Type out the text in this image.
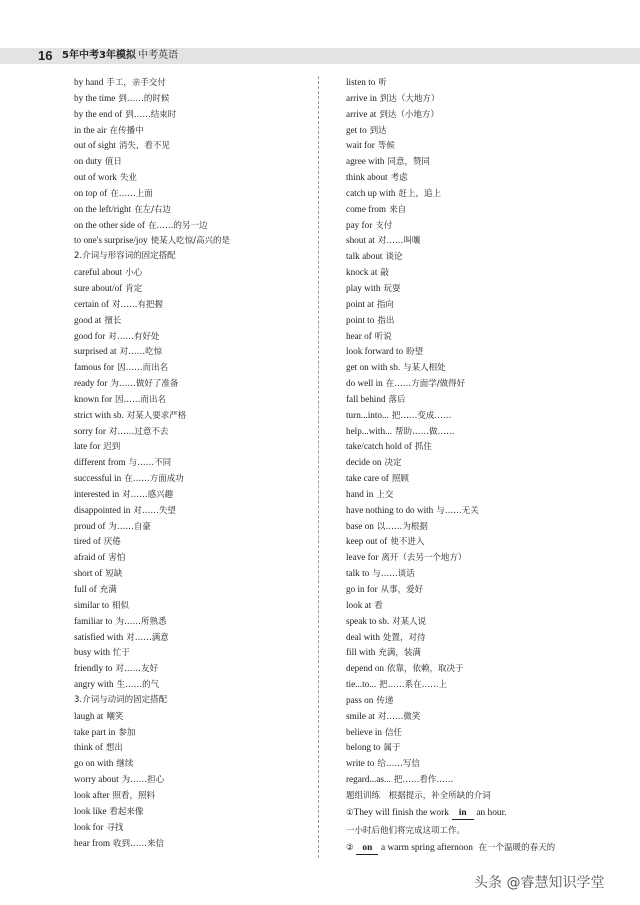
16 5年中考3年模拟 中考英语
by hand 手工，亲手交付
by the time 到……的时候
by the end of 到……结束时
in the air 在传播中
out of sight 消失，看不见
on duty 值日
out of work 失业
on top of 在……上面
on the left/right 在左/右边
on the other side of 在……的另一边
to one's surprise/joy 使某人吃惊/高兴的是
2.介词与形容词的固定搭配
careful about 小心
sure about/of 肯定
certain of 对……有把握
good at 擅长
good for 对……有好处
surprised at 对……吃惊
famous for 因……而出名
ready for 为……做好了准备
known for 因……而出名
strict with sb. 对某人要求严格
sorry for 对……过意不去
late for 迟到
different from 与……不同
successful in 在……方面成功
interested in 对……感兴趣
disappointed in 对……失望
proud of 为……自豪
tired of 厌倦
afraid of 害怕
short of 短缺
full of 充满
similar to 相似
familiar to 为……所熟悉
satisfied with 对……满意
busy with 忙于
friendly to 对……友好
angry with 生……的气
3.介词与动词的固定搭配
laugh at 嘲笑
take part in 参加
think of 想出
go on with 继续
worry about 为……担心
look after 照看，照料
look like 看起来像
look for 寻找
hear from 收到……来信
listen to 听
arrive in 到达（大地方）
arrive at 到达（小地方）
get to 到达
wait for 等候
agree with 同意，赞同
think about 考虑
catch up with 赶上，追上
come from 来自
pay for 支付
shout at 对……叫嚷
talk about 谈论
knock at 敲
play with 玩耍
point at 指向
point to 指出
hear of 听说
look forward to 盼望
get on with sb. 与某人相处
do well in 在……方面学/做得好
fall behind 落后
turn...into... 把……变成……
help...with... 帮助……做……
take/catch hold of 抓住
decide on 决定
take care of 照顾
hand in 上交
have nothing to do with 与……无关
base on 以……为根据
keep out of 使不进入
leave for 离开（去另一个地方）
talk to 与……谈话
go in for 从事，爱好
look at 看
speak to sb. 对某人说
deal with 处置，对待
fill with 充满，装满
depend on 依靠，依赖，取决于
tie...to... 把……系在……上
pass on 传递
smile at 对……微笑
believe in 信任
belong to 属于
write to 给……写信
regard...as... 把……看作……
题组训练 根据提示，补全所缺的介词
①They will finish the work in an hour.
一小时后他们将完成这项工作。
② on a warm spring afternoon 在一个温暖的春天的
头条 @睿慧知识学堂
